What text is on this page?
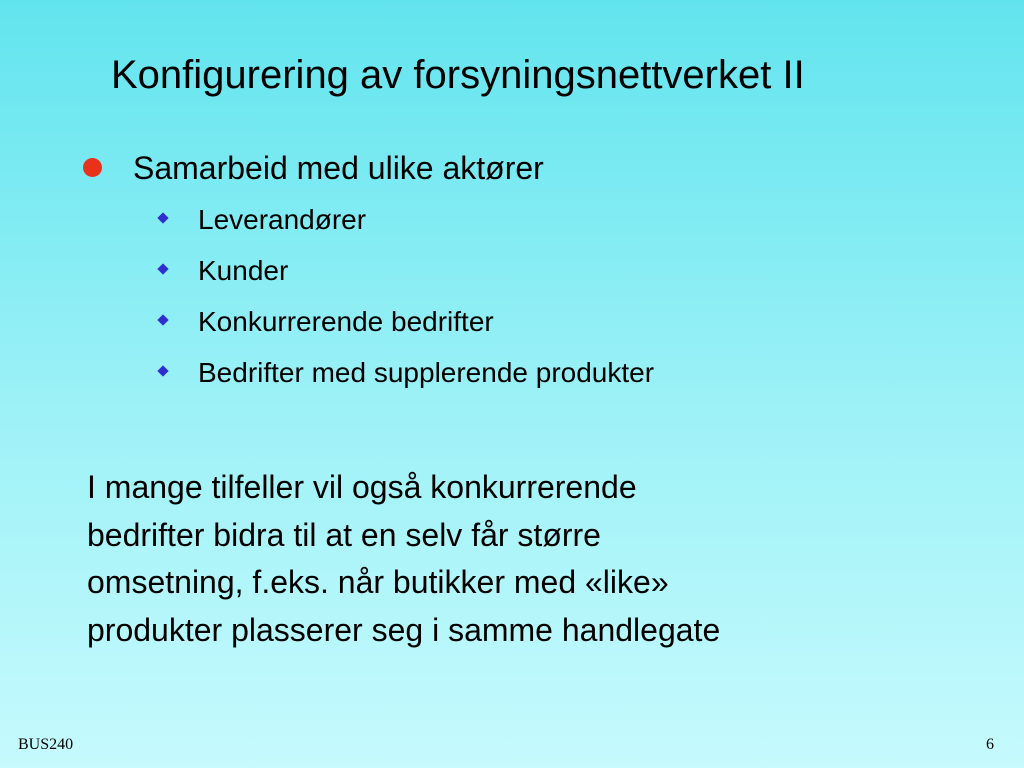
Konfigurering av forsyningsnettverket II
Samarbeid med ulike aktører
Leverandører
Kunder
Konkurrerende bedrifter
Bedrifter med supplerende produkter
I mange tilfeller vil også konkurrerende
bedrifter bidra til at en selv får større
omsetning, f.eks. når butikker med «like»
produkter plasserer seg i samme handlegate
BUS240	6
